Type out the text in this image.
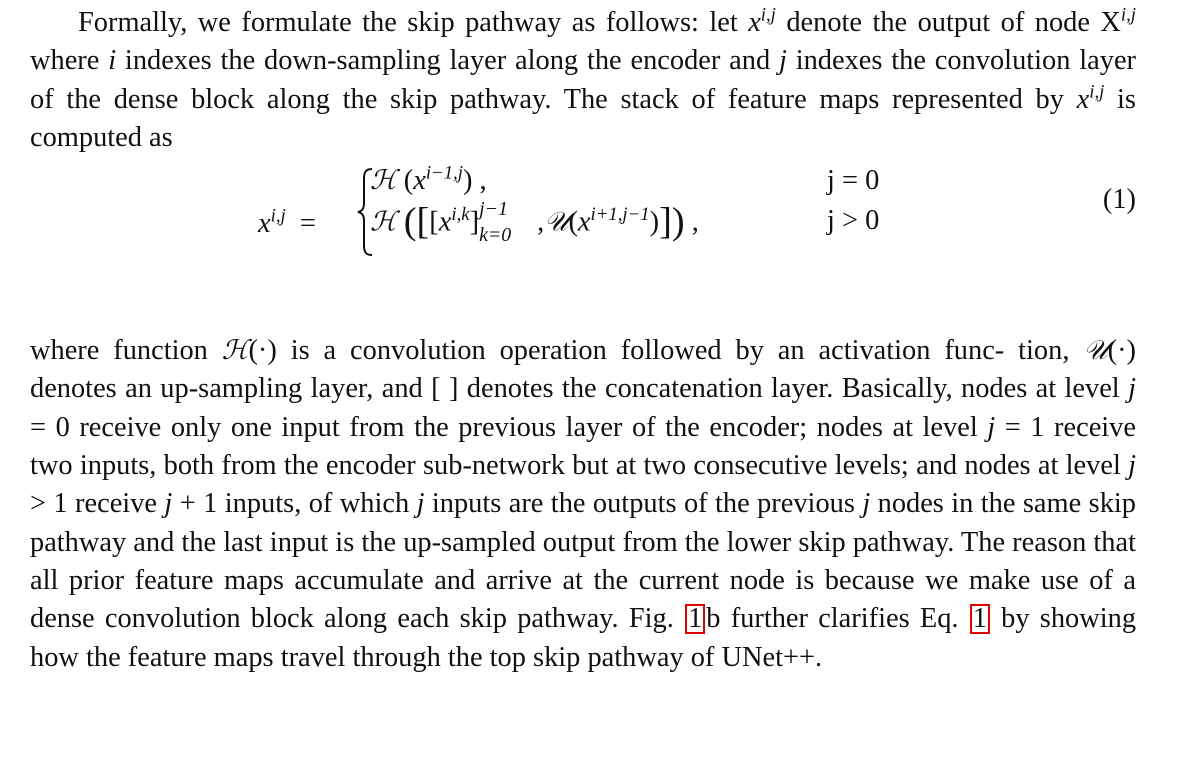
Formally, we formulate the skip pathway as follows: let $x^{i,j}$ denote the output of node X$^{i,j}$ where i indexes the down-sampling layer along the encoder and j indexes the convolution layer of the dense block along the skip pathway. The stack of feature maps represented by $x^{i,j}$ is computed as

$x^{i,j}$  =
ℋ $(x^{i-1,j})$ ,
ℋ ([$[x^{i,k}]$ j−1
k=0 $,𝒰(x^{i+1,j-1})$]) ,
j = 0
j > 0
(1)

where function ℋ(·) is a convolution operation followed by an activation func- tion, 𝒰(·) denotes an up-sampling layer, and [ ] denotes the concatenation layer. Basically, nodes at level j = 0 receive only one input from the previous layer of the encoder; nodes at level j = 1 receive two inputs, both from the encoder sub-network but at two consecutive levels; and nodes at level j > 1 receive j + 1 inputs, of which j inputs are the outputs of the previous j nodes in the same skip pathway and the last input is the up-sampled output from the lower skip pathway. The reason that all prior feature maps accumulate and arrive at the current node is because we make use of a dense convolution block along each skip pathway. Fig. 1 b further clarifies Eq. 1 by showing how the feature maps travel through the top skip pathway of UNet++.
